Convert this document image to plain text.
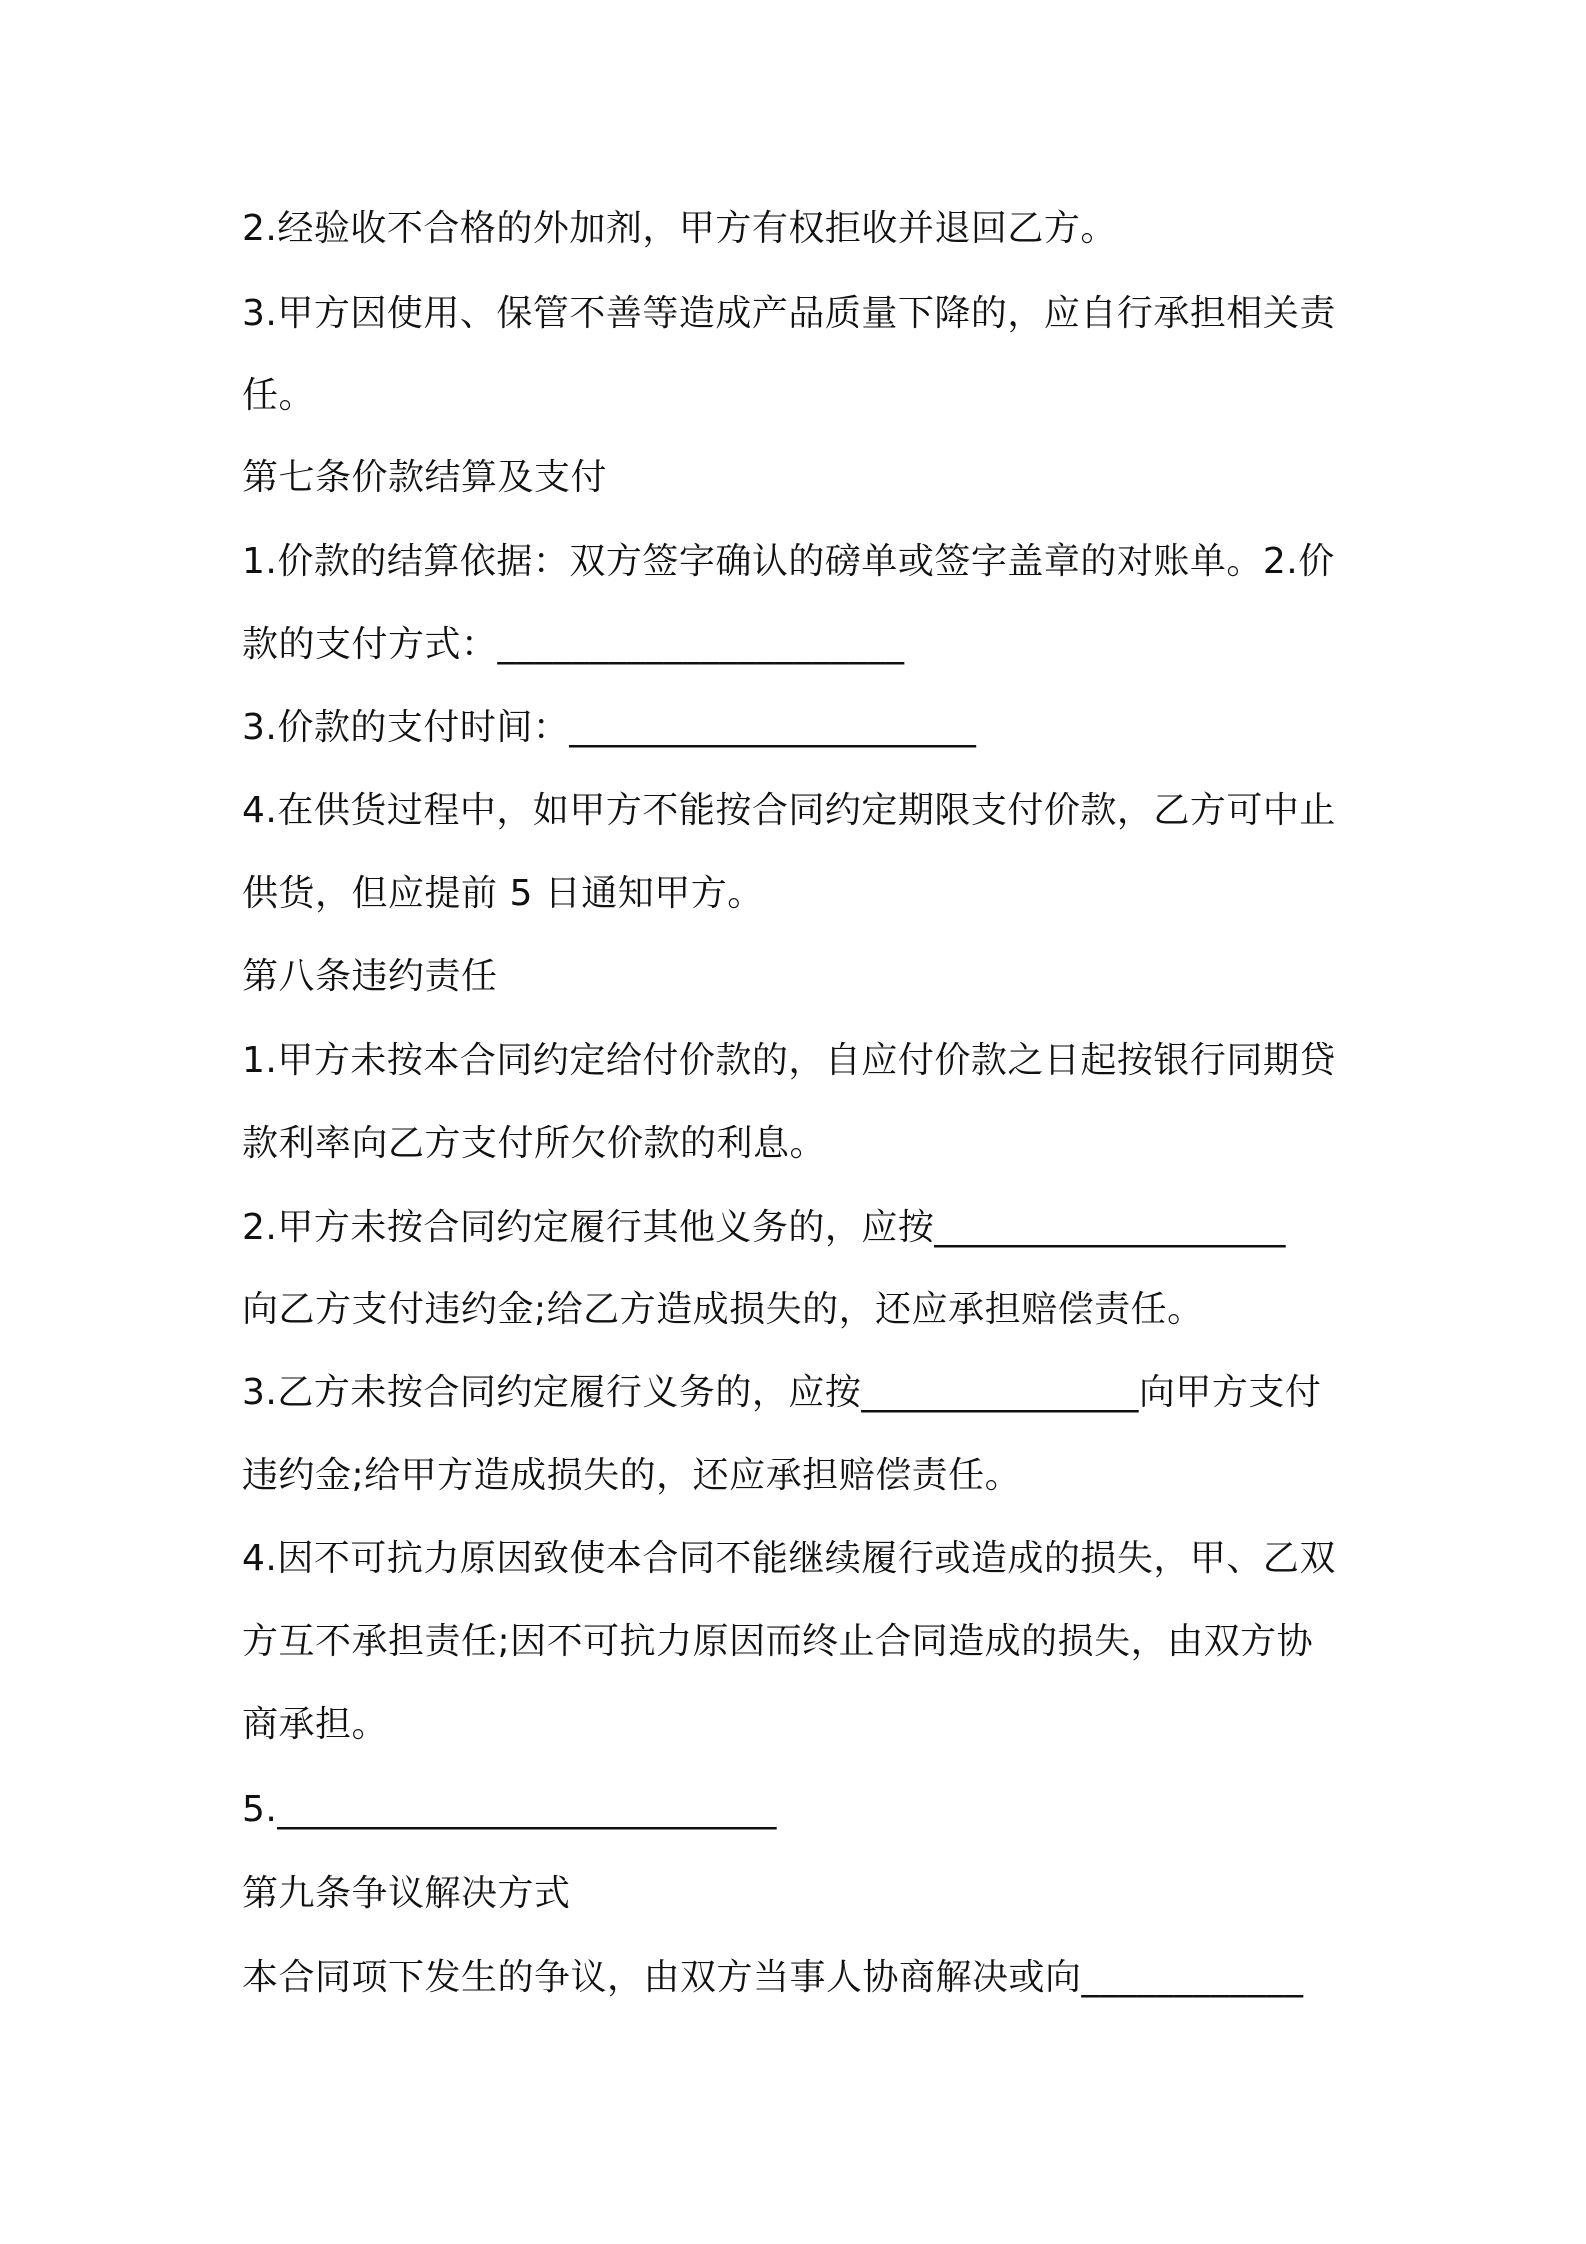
2.经验收不合格的外加剂，甲方有权拒收并退回乙方。
3.甲方因使用、保管不善等造成产品质量下降的，应自行承担相关责
任。
第七条价款结算及支付
1.价款的结算依据：双方签字确认的磅单或签字盖章的对账单。2.价
款的支付方式：______________________
3.价款的支付时间：______________________
4.在供货过程中，如甲方不能按合同约定期限支付价款，乙方可中止
供货，但应提前 5 日通知甲方。
第八条违约责任
1.甲方未按本合同约定给付价款的，自应付价款之日起按银行同期贷
款利率向乙方支付所欠价款的利息。
2.甲方未按合同约定履行其他义务的，应按___________________
向乙方支付违约金;给乙方造成损失的，还应承担赔偿责任。
3.乙方未按合同约定履行义务的，应按_______________向甲方支付
违约金;给甲方造成损失的，还应承担赔偿责任。
4.因不可抗力原因致使本合同不能继续履行或造成的损失，甲、乙双
方互不承担责任;因不可抗力原因而终止合同造成的损失，由双方协
商承担。
5.___________________________
第九条争议解决方式
本合同项下发生的争议，由双方当事人协商解决或向____________
